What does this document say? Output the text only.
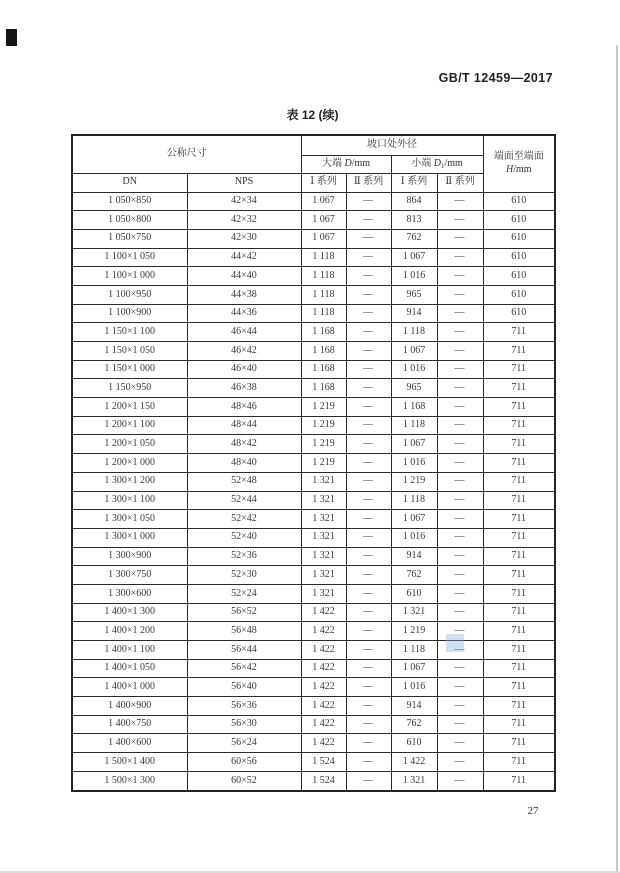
GB/T 12459—2017
表 12 (续)
公称尺寸		坡口处外径				端面至端面
H/mm

		大端 D/mm		小端 $D_1/mm$		
DN	NPS	Ⅰ 系列	Ⅱ 系列	Ⅰ 系列	Ⅱ 系列	
1 050×850	42×34	1 067	—	864	—	610
1 050×800	42×32	1 067	—	813	—	610
1 050×750	42×30	1 067	—	762	—	610
1 100×1 050	44×42	1 118	—	1 067	—	610
1 100×1 000	44×40	1 118	—	1 016	—	610
1 100×950	44×38	1 118	—	965	—	610
1 100×900	44×36	1 118	—	914	—	610
1 150×1 100	46×44	1 168	—	1 118	—	711
1 150×1 050	46×42	1 168	—	1 067	—	711
1 150×1 000	46×40	1 168	—	1 016	—	711
1 150×950	46×38	1 168	—	965	—	711
1 200×1 150	48×46	1 219	—	1 168	—	711
1 200×1 100	48×44	1 219	—	1 118	—	711
1 200×1 050	48×42	1 219	—	1 067	—	711
1 200×1 000	48×40	1 219	—	1 016	—	711
1 300×1 200	52×48	1 321	—	1 219	—	711
1 300×1 100	52×44	1 321	—	1 118	—	711
1 300×1 050	52×42	1 321	—	1 067	—	711
1 300×1 000	52×40	1 321	—	1 016	—	711
1 300×900	52×36	1 321	—	914	—	711
1 300×750	52×30	1 321	—	762	—	711
1 300×600	52×24	1 321	—	610	—	711
1 400×1 300	56×52	1 422	—	1 321	—	711
1 400×1 200	56×48	1 422	—	1 219	—	711
1 400×1 100	56×44	1 422	—	1 118	—	711
1 400×1 050	56×42	1 422	—	1 067	—	711
1 400×1 000	56×40	1 422	—	1 016	—	711
1 400×900	56×36	1 422	—	914	—	711
1 400×750	56×30	1 422	—	762	—	711
1 400×600	56×24	1 422	—	610	—	711
1 500×1 400	60×56	1 524	—	1 422	—	711
1 500×1 300	60×52	1 524	—	1 321	—	711
27
